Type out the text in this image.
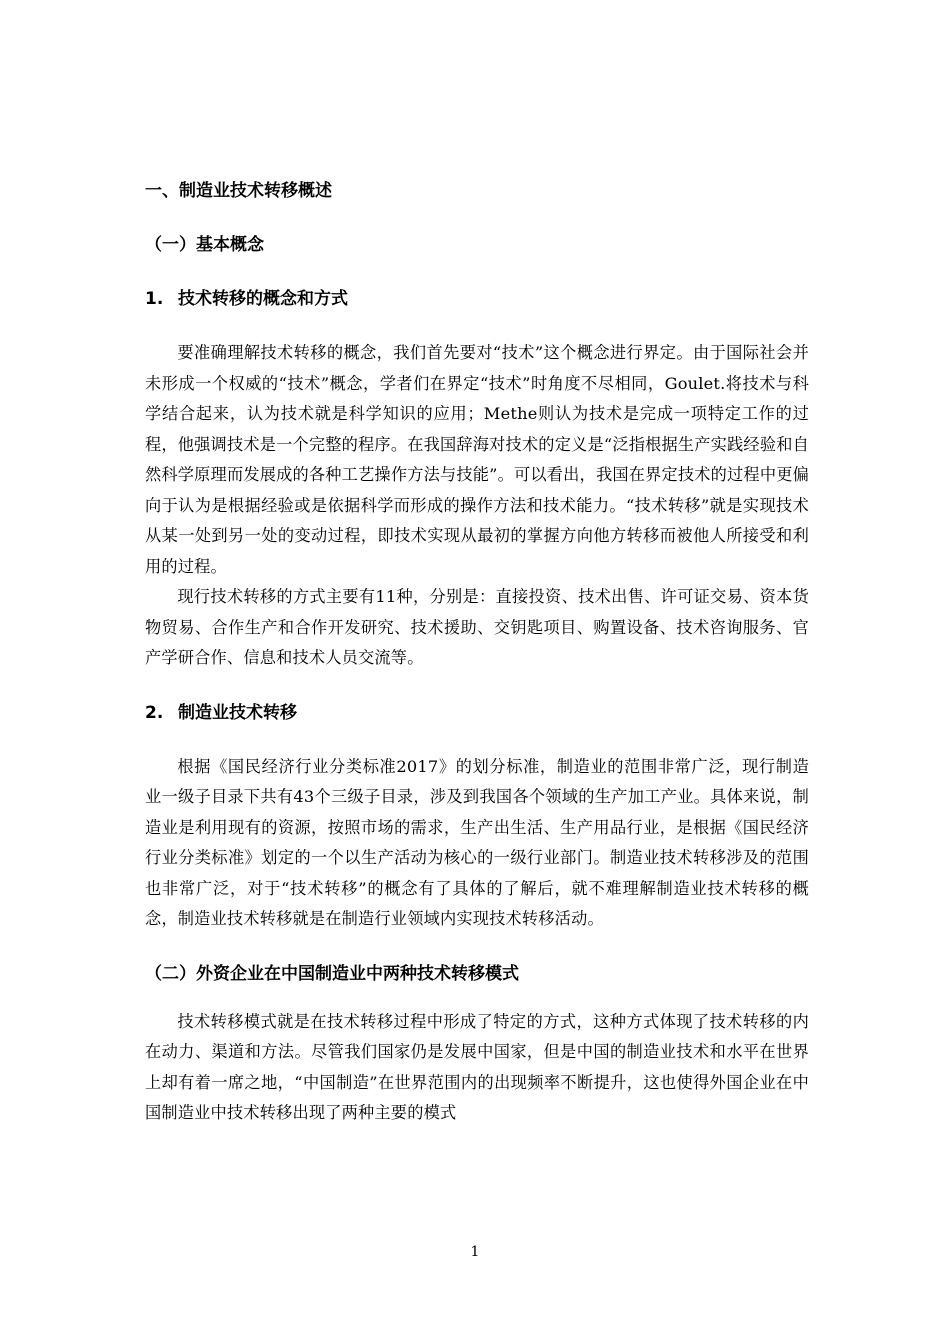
一、制造业技术转移概述
（一）基本概念
1. 技术转移的概念和方式

要准确理解技术转移的概念，我们首先要对“技术”这个概念进行界定。由于国际社会并未形成一个权威的“技术”概念，学者们在界定“技术”时角度不尽相同，Goulet.将技术与科学结合起来，认为技术就是科学知识的应用；Methe则认为技术是完成一项特定工作的过程，他强调技术是一个完整的程序。在我国辞海对技术的定义是“泛指根据生产实践经验和自然科学原理而发展成的各种工艺操作方法与技能”。可以看出，我国在界定技术的过程中更偏向于认为是根据经验或是依据科学而形成的操作方法和技术能力。“技术转移”就是实现技术从某一处到另一处的变动过程，即技术实现从最初的掌握方向他方转移而被他人所接受和利用的过程。

现行技术转移的方式主要有11种，分别是：直接投资、技术出售、许可证交易、资本货物贸易、合作生产和合作开发研究、技术援助、交钥匙项目、购置设备、技术咨询服务、官产学研合作、信息和技术人员交流等。

2. 制造业技术转移

根据《国民经济行业分类标准2017》的划分标准，制造业的范围非常广泛，现行制造业一级子目录下共有43个三级子目录，涉及到我国各个领域的生产加工产业。具体来说，制造业是利用现有的资源，按照市场的需求，生产出生活、生产用品行业，是根据《国民经济行业分类标准》划定的一个以生产活动为核心的一级行业部门。制造业技术转移涉及的范围也非常广泛，对于“技术转移”的概念有了具体的了解后，就不难理解制造业技术转移的概念，制造业技术转移就是在制造行业领域内实现技术转移活动。

（二）外资企业在中国制造业中两种技术转移模式

技术转移模式就是在技术转移过程中形成了特定的方式，这种方式体现了技术转移的内在动力、渠道和方法。尽管我们国家仍是发展中国家，但是中国的制造业技术和水平在世界上却有着一席之地，“中国制造”在世界范围内的出现频率不断提升，这也使得外国企业在中国制造业中技术转移出现了两种主要的模式

1
